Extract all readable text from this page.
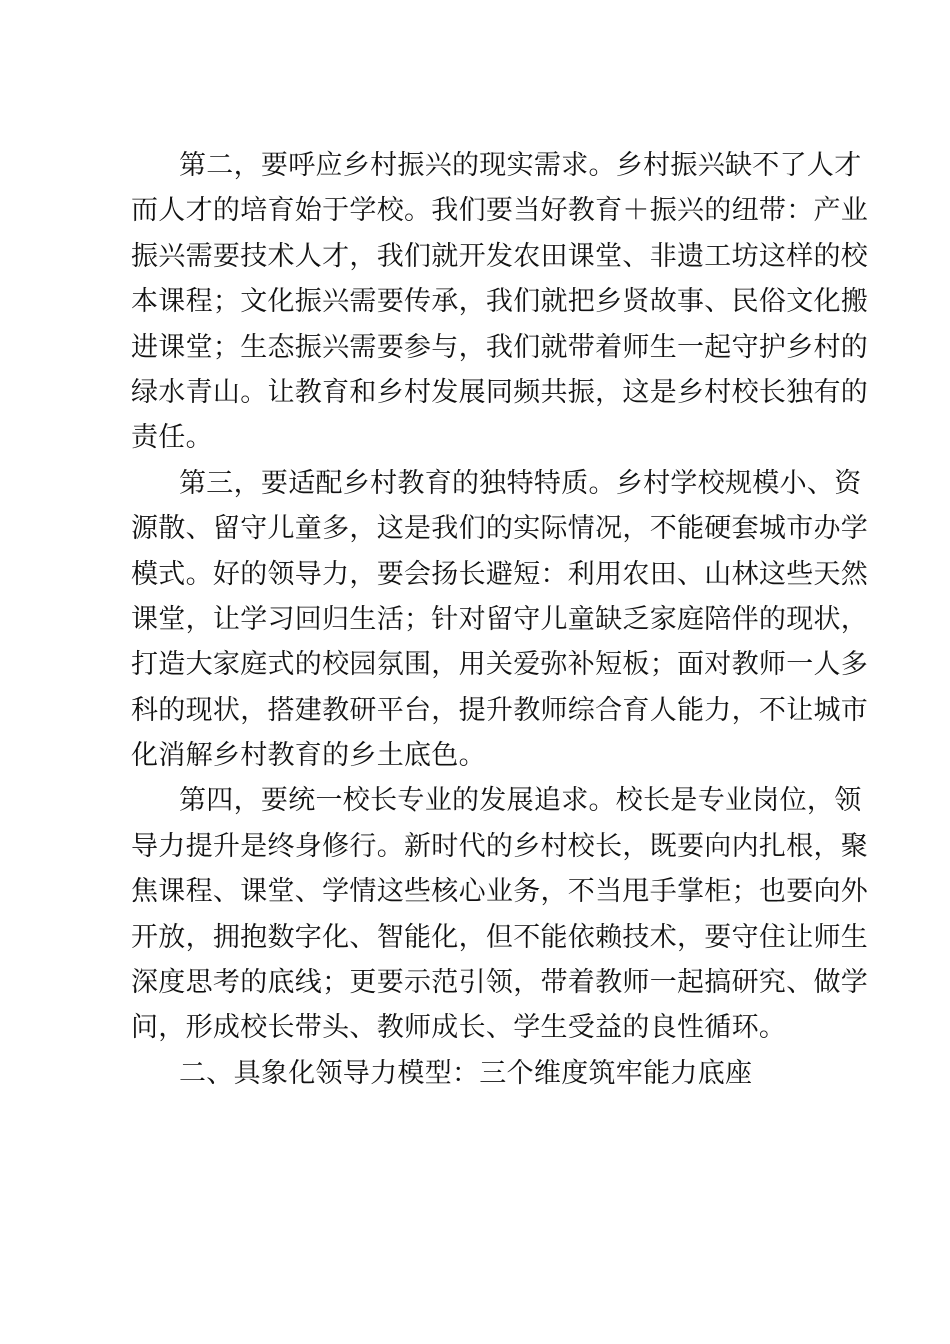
第二，要呼应乡村振兴的现实需求。乡村振兴缺不了人才
而人才的培育始于学校。我们要当好教育＋振兴的纽带：产业
振兴需要技术人才，我们就开发农田课堂、非遗工坊这样的校
本课程；文化振兴需要传承，我们就把乡贤故事、民俗文化搬
进课堂；生态振兴需要参与，我们就带着师生一起守护乡村的
绿水青山。让教育和乡村发展同频共振，这是乡村校长独有的
责任。
第三，要适配乡村教育的独特特质。乡村学校规模小、资
源散、留守儿童多，这是我们的实际情况，不能硬套城市办学
模式。好的领导力，要会扬长避短：利用农田、山林这些天然
课堂，让学习回归生活；针对留守儿童缺乏家庭陪伴的现状，
打造大家庭式的校园氛围，用关爱弥补短板；面对教师一人多
科的现状，搭建教研平台，提升教师综合育人能力，不让城市
化消解乡村教育的乡土底色。
第四，要统一校长专业的发展追求。校长是专业岗位，领
导力提升是终身修行。新时代的乡村校长，既要向内扎根，聚
焦课程、课堂、学情这些核心业务，不当甩手掌柜；也要向外
开放，拥抱数字化、智能化，但不能依赖技术，要守住让师生
深度思考的底线；更要示范引领，带着教师一起搞研究、做学
问，形成校长带头、教师成长、学生受益的良性循环。
二、具象化领导力模型：三个维度筑牢能力底座
